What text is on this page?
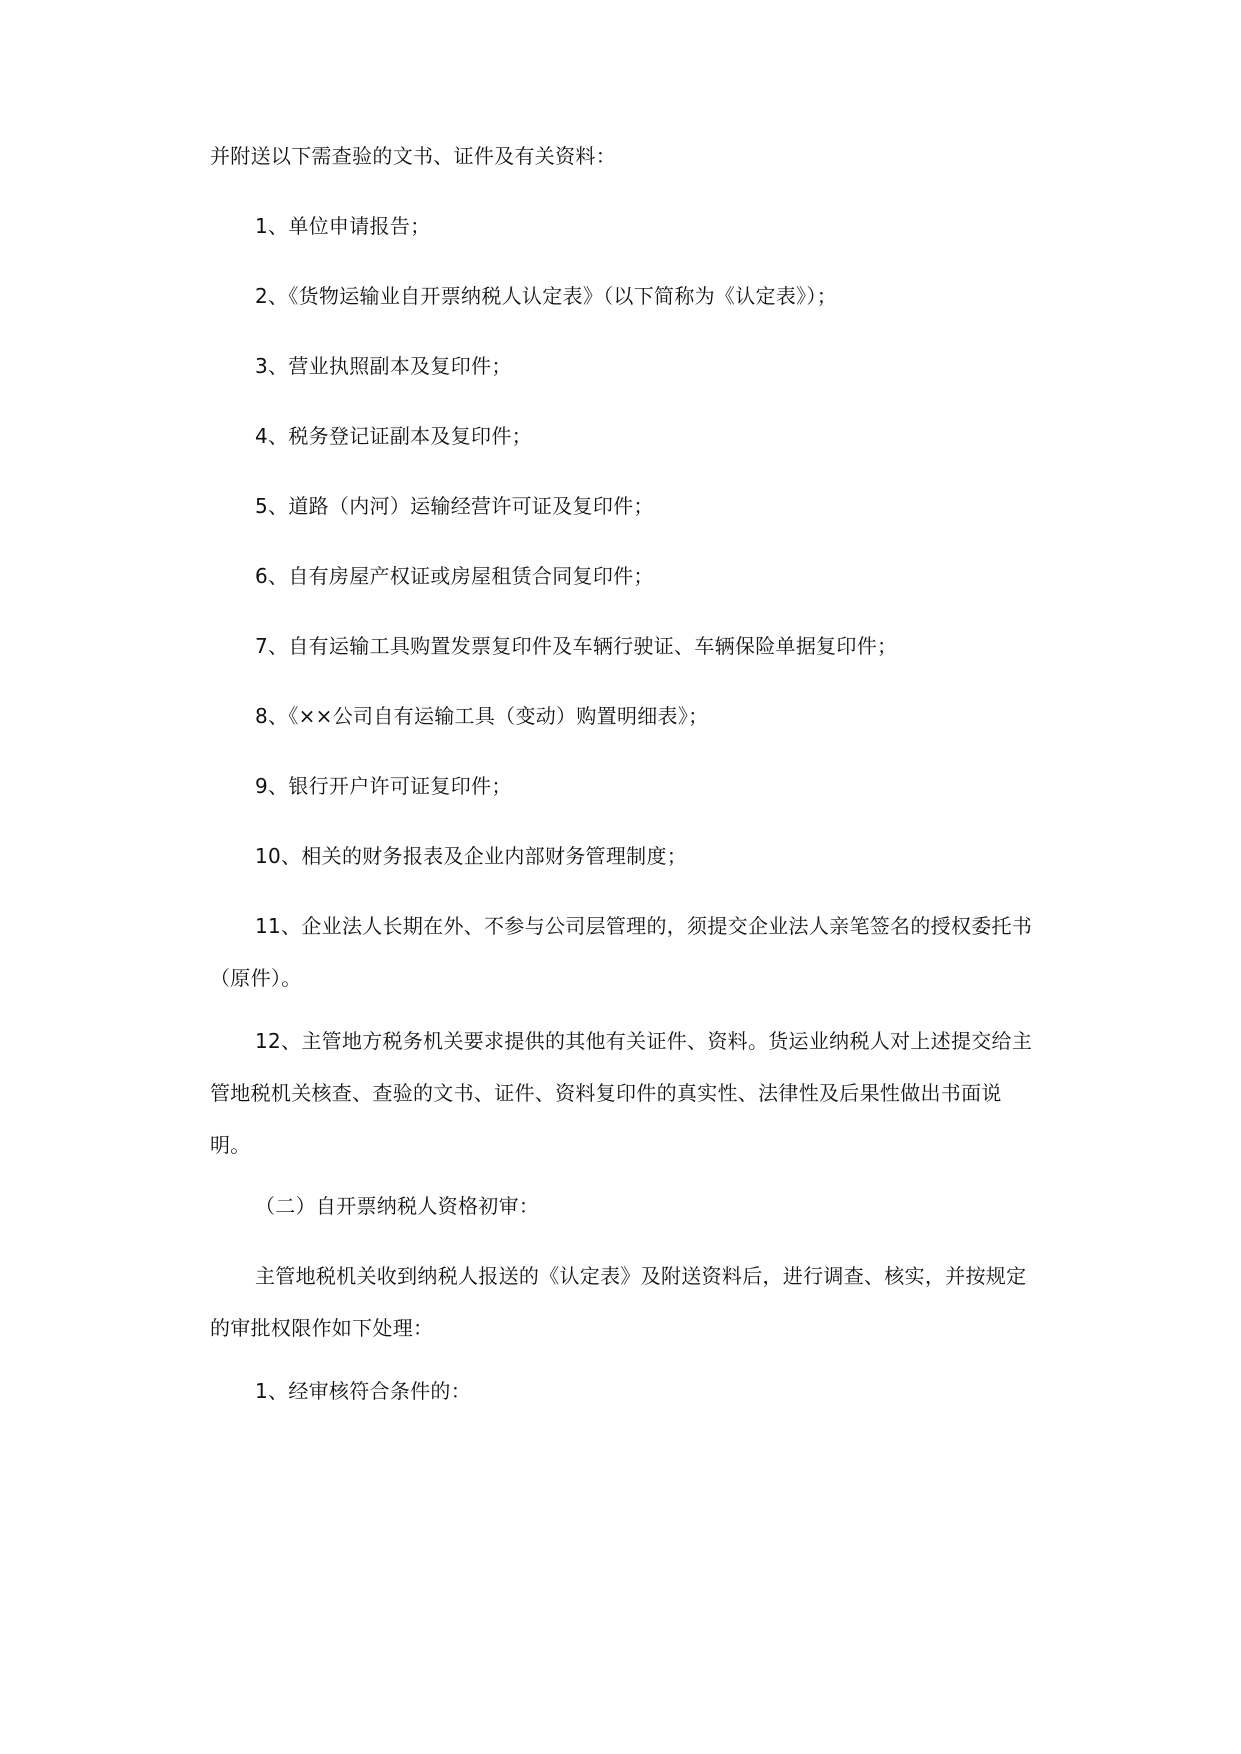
并附送以下需查验的文书、证件及有关资料：

1、单位申请报告；

2、《货物运输业自开票纳税人认定表》（以下简称为《认定表》）；

3、营业执照副本及复印件；

4、税务登记证副本及复印件；

5、道路（内河）运输经营许可证及复印件；

6、自有房屋产权证或房屋租赁合同复印件；

7、自有运输工具购置发票复印件及车辆行驶证、车辆保险单据复印件；

8、《××公司自有运输工具（变动）购置明细表》；

9、银行开户许可证复印件；

10、相关的财务报表及企业内部财务管理制度；

11、企业法人长期在外、不参与公司层管理的，须提交企业法人亲笔签名的授权委托书（原件）。

12、主管地方税务机关要求提供的其他有关证件、资料。货运业纳税人对上述提交给主管地税机关核查、查验的文书、证件、资料复印件的真实性、法律性及后果性做出书面说明。

（二）自开票纳税人资格初审：

主管地税机关收到纳税人报送的《认定表》及附送资料后，进行调查、核实，并按规定的审批权限作如下处理：

1、经审核符合条件的：
